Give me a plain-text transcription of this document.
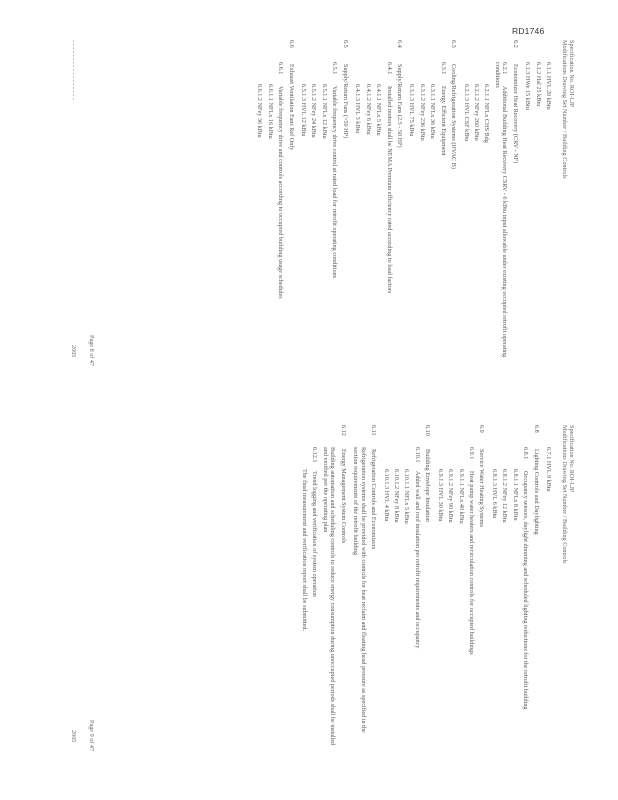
RD1746

Specification No. ROI-LJP

Modifications Drawing Set Number / Building Controls

6.1.1 HVL 20 kBtu
6.1.2 Hal 25 kBtu
6.1.3 HWe 15 kBtu
6.2Economizer Heat Recovery (CRV - NF)
6.2.1Additional Building Heat Recovery CSRV - 6 kBtu input allowable under existing occupied retrofit operating conditions
6.2.1.1 NFLx CHS Bdg
6.2.1.2 NFey 260 kBtu
6.2.1.3 HVL CSF kBtu
6.3Cooling/Refrigeration Systems (HVAC B)
6.3.1Energy Efficient Equipment
6.3.1.1 NFLx 36 kBtu
6.3.1.2 NFey 236 kBtu
6.3.1.3 HVL 75 kBtu
6.4Supply/Return Fans (2.5 - 50 HP)
6.4.1Installed motors shall be NEMA Premium efficiency rated according to load factors
6.4.1.1 NFLx 5 kBtu
6.4.1.2 NFey 6 kBtu
6.4.1.3 HVL 3 kBtu
6.5Supply/Return Fans (>50 HP)
6.5.1Variable frequency drive control at rated load for retrofit operating conditions
6.5.1.1 NFLx 12 kBtu
6.5.1.2 NFey 24 kBtu
6.5.1.3 HVL 12 kBtu
6.6Exhaust Ventilation Fans Ref Only
6.6.1Variable frequency drive and controls according to occupied building usage schedules
6.6.1.1 NFLx 16 kBtu
6.6.1.2 NFey 36 kBtu
- - - - - - - - - - - - - - - - -
Page 8 of 47
2005

Specification No. ROI-LJP

Modifications Drawing Set Number / Building Controls

6.7.1 HVL 9 kBtu
6.8Lighting Controls and Daylighting
6.8.1Occupancy sensors, daylight dimming and scheduled lighting reductions for the retrofit building
6.8.1.1 NFLx 8 kBtu
6.8.1.2 NFey 12 kBtu
6.8.1.3 HVL 6 kBtu
6.9Service Water Heating Systems
6.9.1Heat pump water heaters and recirculation controls for occupied buildings
6.9.1.1 NFLx 40 kBtu
6.9.1.2 NFey 90 kBtu
6.9.1.3 HVL 30 kBtu
6.10Building Envelope Insulation
6.10.1Added wall and roof insulation per retrofit requirements and occupancy
6.10.1.1 NFLx 5 kBtu
6.10.1.2 NFey 8 kBtu
6.10.1.3 HVL 4 kBtu
6.11Refrigeration Controls and Economizers
Refrigeration systems shall be provided with controls for heat reclaim and floating head pressure as specified in the section requirements of the retrofit building
6.12Energy Management System Controls
Building automation and scheduling controls to reduce energy consumption during unoccupied periods shall be installed and verified per the operating plan
6.12.1Trend logging and verification of system operation
The final measurement and verification report shall be submitted.
Page 9 of 47
2005
